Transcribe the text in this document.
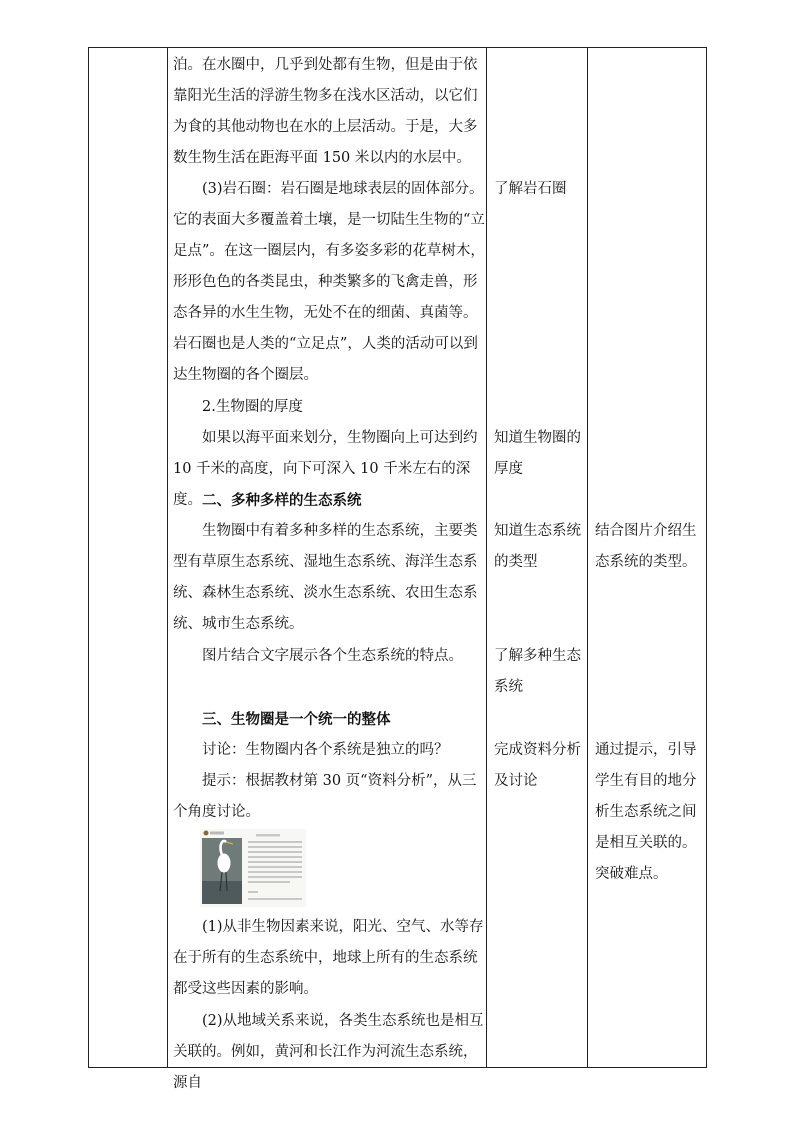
泊。在水圈中，几乎到处都有生物，但是由于依靠阳光生活的浮游生物多在浅水区活动，以它们为食的其他动物也在水的上层活动。于是，大多数生物生活在距海平面 150 米以内的水层中。

(3)岩石圈：岩石圈是地球表层的固体部分。它的表面大多覆盖着土壤，是一切陆生生物的“立足点”。在这一圈层内，有多姿多彩的花草树木，形形色色的各类昆虫，种类繁多的飞禽走兽，形态各异的水生生物，无处不在的细菌、真菌等。岩石圈也是人类的“立足点”，人类的活动可以到达生物圈的各个圈层。

2.生物圈的厚度

如果以海平面来划分，生物圈向上可达到约 10 千米的高度，向下可深入 10 千米左右的深度。 二、多种多样的生态系统

生物圈中有着多种多样的生态系统，主要类型有草原生态系统、湿地生态系统、海洋生态系统、森林生态系统、淡水生态系统、农田生态系统、城市生态系统。

图片结合文字展示各个生态系统的特点。

三、生物圈是一个统一的整体

讨论：生物圈内各个系统是独立的吗？

提示：根据教材第 30 页“资料分析”，从三个角度讨论。

(1)从非生物因素来说，阳光、空气、水等存在于所有的生态系统中，地球上所有的生态系统都受这些因素的影响。

(2)从地域关系来说，各类生态系统也是相互关联的。例如，黄河和长江作为河流生态系统，源自

了解岩石圈

知道生物圈的厚度

知道生态系统的类型

了解多种生态系统

完成资料分析及讨论

结合图片介绍生态系统的类型。

通过提示，引导学生有目的地分析生态系统之间是相互关联的。突破难点。
